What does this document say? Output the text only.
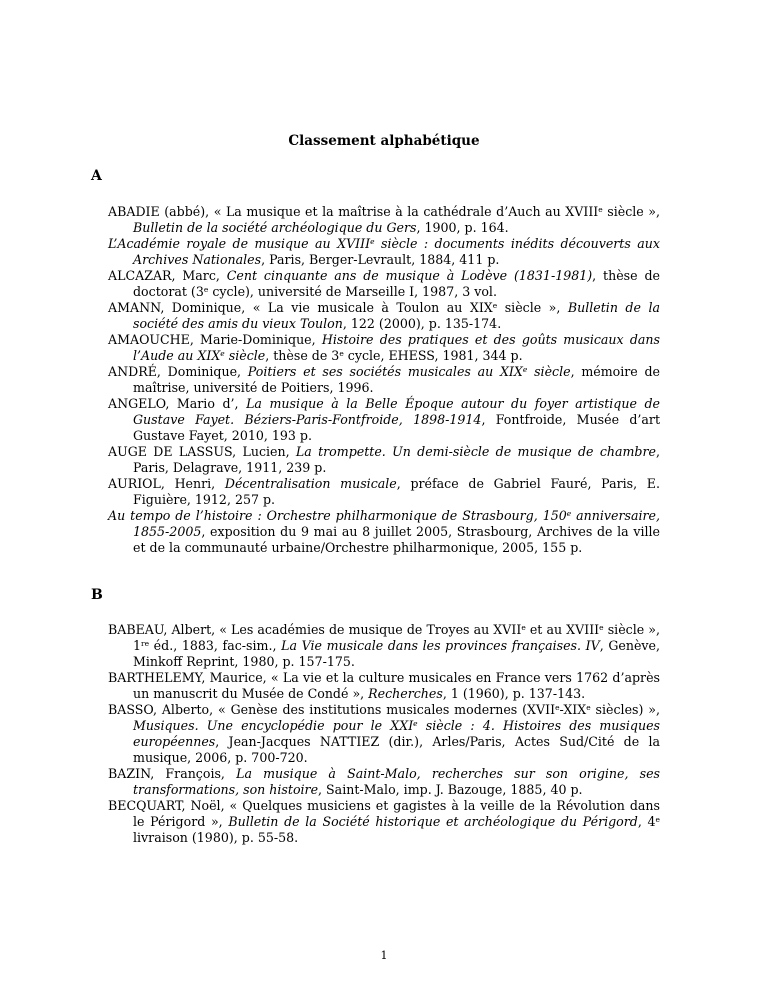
Classement alphabétique
A
ABADIE (abbé), « La musique et la maîtrise à la cathédrale d’Auch au XVIIIe siècle », Bulletin de la société archéologique du Gers, 1900, p. 164.
L’Académie royale de musique au XVIIIe siècle : documents inédits découverts aux Archives Nationales, Paris, Berger-Levrault, 1884, 411 p.
ALCAZAR, Marc, Cent cinquante ans de musique à Lodève (1831-1981), thèse de doctorat (3e cycle), université de Marseille I, 1987, 3 vol.
AMANN, Dominique, « La vie musicale à Toulon au XIXe siècle », Bulletin de la société des amis du vieux Toulon, 122 (2000), p. 135-174.
AMAOUCHE, Marie-Dominique, Histoire des pratiques et des goûts musicaux dans l’Aude au XIXe siècle, thèse de 3e cycle, EHESS, 1981, 344 p.
ANDRÉ, Dominique, Poitiers et ses sociétés musicales au XIXe siècle, mémoire de maîtrise, université de Poitiers, 1996.
ANGELO, Mario d’, La musique à la Belle Époque autour du foyer artistique de Gustave Fayet. Béziers-Paris-Fontfroide, 1898-1914, Fontfroide, Musée d’art Gustave Fayet, 2010, 193 p.
AUGE DE LASSUS, Lucien, La trompette. Un demi-siècle de musique de chambre, Paris, Delagrave, 1911, 239 p.
AURIOL, Henri, Décentralisation musicale, préface de Gabriel Fauré, Paris, E. Figuière, 1912, 257 p.
Au tempo de l’histoire : Orchestre philharmonique de Strasbourg, 150e anniversaire, 1855-2005, exposition du 9 mai au 8 juillet 2005, Strasbourg, Archives de la ville et de la communauté urbaine/Orchestre philharmonique, 2005, 155 p.
B
BABEAU, Albert, « Les académies de musique de Troyes au XVIIe et au XVIIIe siècle », 1re éd., 1883, fac-sim., La Vie musicale dans les provinces françaises. IV, Genève, Minkoff Reprint, 1980, p. 157-175.
BARTHELEMY, Maurice, « La vie et la culture musicales en France vers 1762 d’après un manuscrit du Musée de Condé », Recherches, 1 (1960), p. 137-143.
BASSO, Alberto, « Genèse des institutions musicales modernes (XVIIe-XIXe siècles) », Musiques. Une encyclopédie pour le XXIe siècle : 4. Histoires des musiques européennes, Jean-Jacques NATTIEZ (dir.), Arles/Paris, Actes Sud/Cité de la musique, 2006, p. 700-720.
BAZIN, François, La musique à Saint-Malo, recherches sur son origine, ses transformations, son histoire, Saint-Malo, imp. J. Bazouge, 1885, 40 p.
BECQUART, Noël, « Quelques musiciens et gagistes à la veille de la Révolution dans le Périgord », Bulletin de la Société historique et archéologique du Périgord, 4e livraison (1980), p. 55-58.
1
